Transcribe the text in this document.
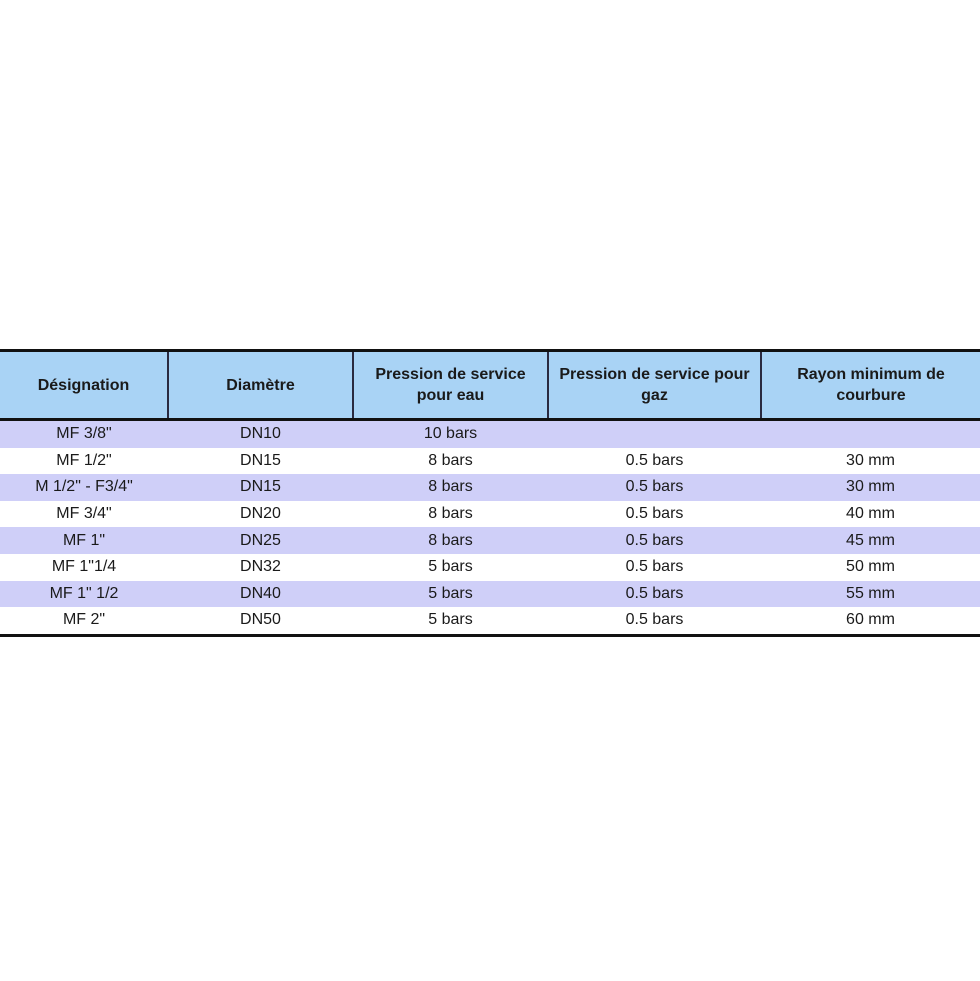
Désignation	Diamètre	Pression de service pour eau	Pression de service pour gaz	Rayon minimum de courbure
MF 3/8"	DN10	10 bars		
MF 1/2"	DN15	8 bars	0.5 bars	30 mm
M 1/2" - F3/4"	DN15	8 bars	0.5 bars	30 mm
MF 3/4"	DN20	8 bars	0.5 bars	40 mm
MF 1"	DN25	8 bars	0.5 bars	45 mm
MF 1"1/4	DN32	5 bars	0.5 bars	50 mm
MF 1" 1/2	DN40	5 bars	0.5 bars	55 mm
MF 2"	DN50	5 bars	0.5 bars	60 mm
